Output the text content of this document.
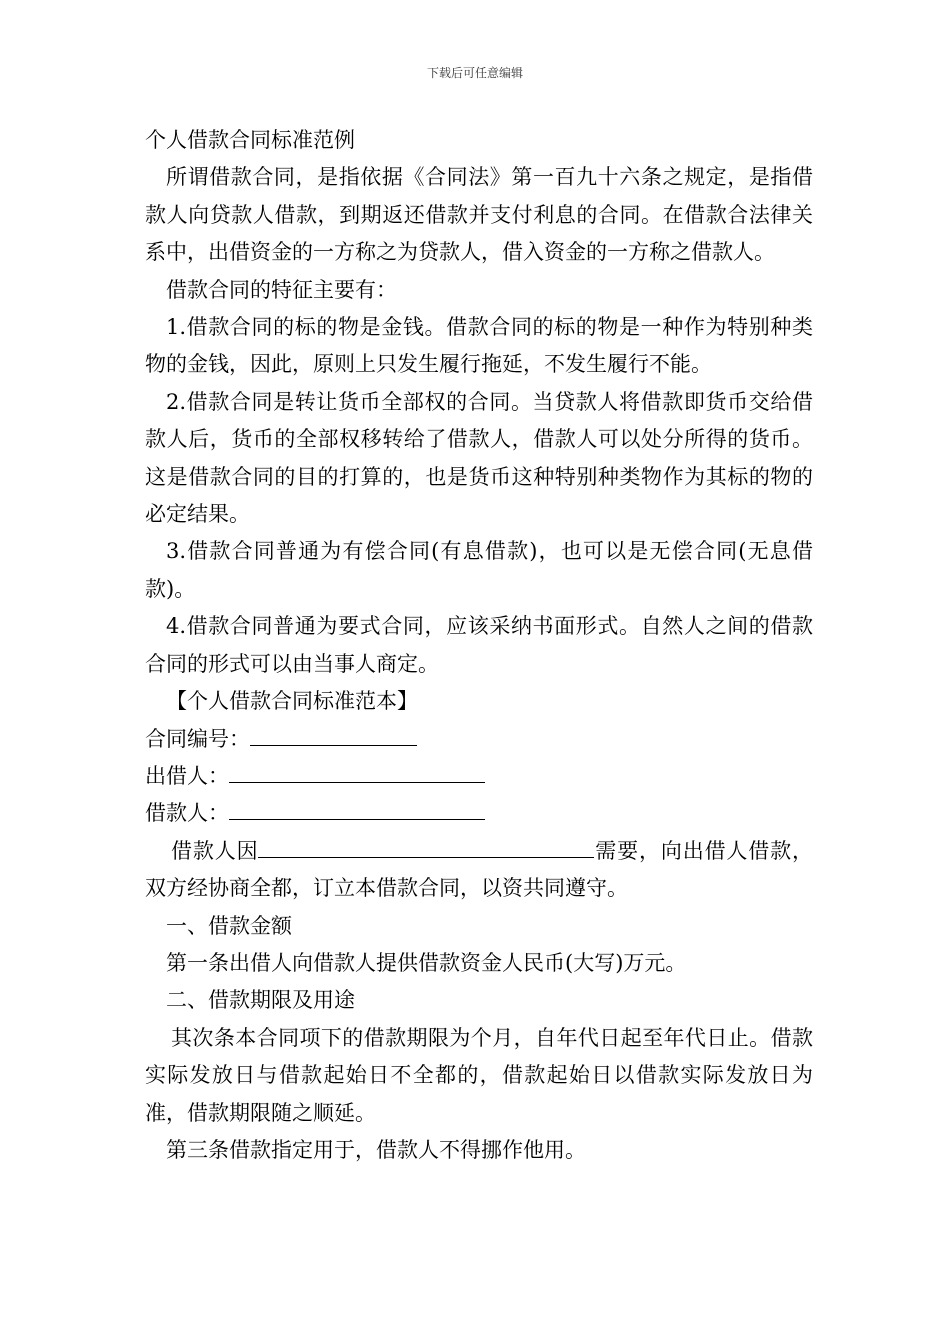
下载后可任意编辑

个人借款合同标准范例

所谓借款合同，是指依据《合同法》第一百九十六条之规定，是指借款人向贷款人借款，到期返还借款并支付利息的合同。在借款合法律关系中，出借资金的一方称之为贷款人，借入资金的一方称之借款人。

借款合同的特征主要有：

1.借款合同的标的物是金钱。借款合同的标的物是一种作为特别种类物的金钱，因此，原则上只发生履行拖延，不发生履行不能。

2.借款合同是转让货币全部权的合同。当贷款人将借款即货币交给借款人后，货币的全部权移转给了借款人，借款人可以处分所得的货币。这是借款合同的目的打算的，也是货币这种特别种类物作为其标的物的必定结果。

3.借款合同普通为有偿合同(有息借款)，也可以是无偿合同(无息借款)。

4.借款合同普通为要式合同，应该采纳书面形式。自然人之间的借款合同的形式可以由当事人商定。

【个人借款合同标准范本】

合同编号：

出借人：

借款人：

借款人因	需要，向出借人借款，双方经协商全都，订立本借款合同，以资共同遵守。

一、借款金额

第一条出借人向借款人提供借款资金人民币(大写)万元。

二、借款期限及用途

其次条本合同项下的借款期限为个月，自年代日起至年代日止。借款实际发放日与借款起始日不全都的，借款起始日以借款实际发放日为准，借款期限随之顺延。

第三条借款指定用于，借款人不得挪作他用。
